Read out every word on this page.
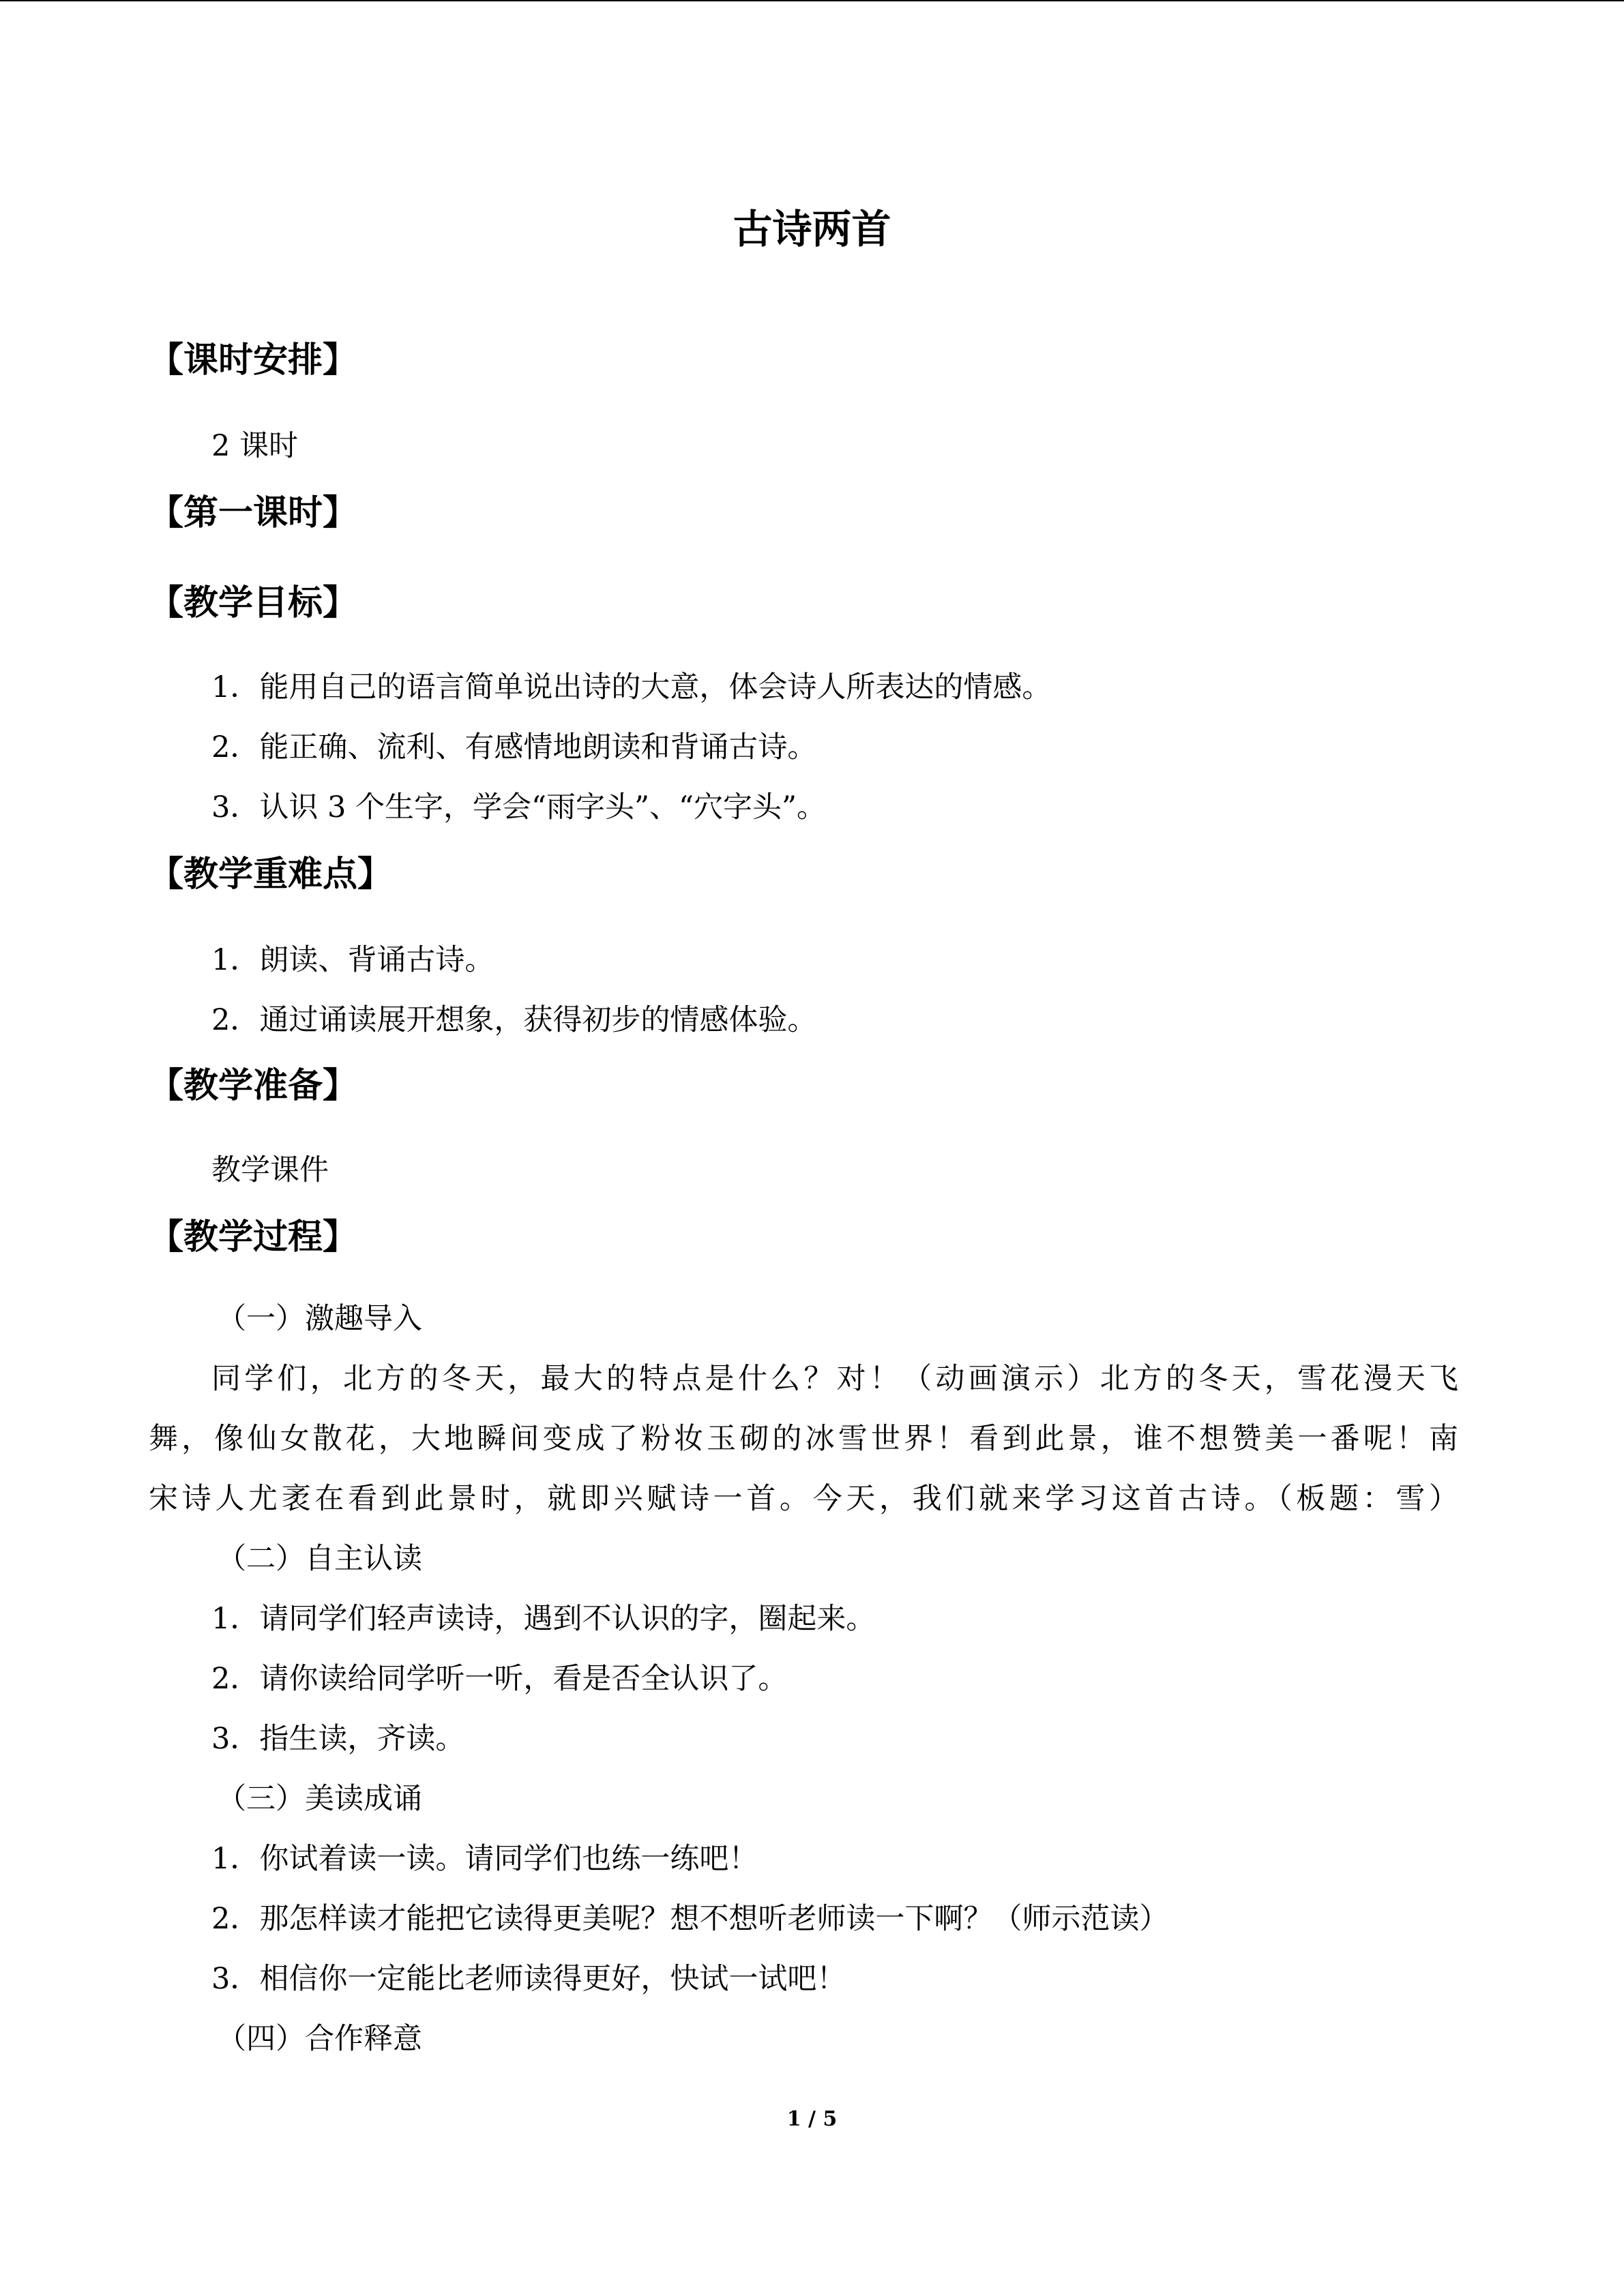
古诗两首
【课时安排】
2 课时
【第一课时】
【教学目标】
1．能用自己的语言简单说出诗的大意，体会诗人所表达的情感。
2．能正确、流利、有感情地朗读和背诵古诗。
3．认识 3 个生字，学会“雨字头”、“穴字头”。
【教学重难点】
1．朗读、背诵古诗。
2．通过诵读展开想象，获得初步的情感体验。
【教学准备】
教学课件
【教学过程】
（一）激趣导入
同学们，北方的冬天，最大的特点是什么？对！（动画演示）北方的冬天，雪花漫天飞
舞，像仙女散花，大地瞬间变成了粉妆玉砌的冰雪世界！看到此景，谁不想赞美一番呢！南
宋诗人尤袤在看到此景时，就即兴赋诗一首。今天，我们就来学习这首古诗。（板题：雪）
（二）自主认读
1．请同学们轻声读诗，遇到不认识的字，圈起来。
2．请你读给同学听一听，看是否全认识了。
3．指生读，齐读。
（三）美读成诵
1．你试着读一读。请同学们也练一练吧！
2．那怎样读才能把它读得更美呢？想不想听老师读一下啊？（师示范读）
3．相信你一定能比老师读得更好，快试一试吧！
（四）合作释意
1 / 5
